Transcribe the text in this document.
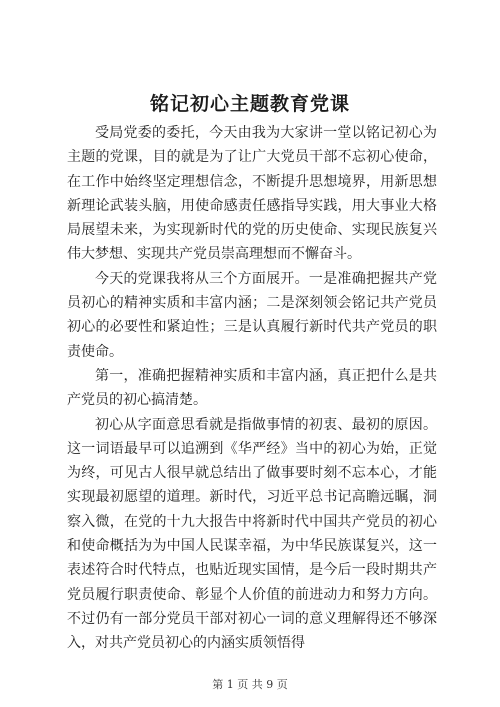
铭记初心主题教育党课

受局党委的委托，今天由我为大家讲一堂以铭记初心为主题的党课，目的就是为了让广大党员干部不忘初心使命，在工作中始终坚定理想信念，不断提升思想境界，用新思想新理论武装头脑，用使命感责任感指导实践，用大事业大格局展望未来，为实现新时代的党的历史使命、实现民族复兴伟大梦想、实现共产党员崇高理想而不懈奋斗。

今天的党课我将从三个方面展开。一是准确把握共产党员初心的精神实质和丰富内涵；二是深刻领会铭记共产党员初心的必要性和紧迫性；三是认真履行新时代共产党员的职责使命。

第一，准确把握精神实质和丰富内涵，真正把什么是共产党员的初心搞清楚。

初心从字面意思看就是指做事情的初衷、最初的原因。这一词语最早可以追溯到《华严经》当中的初心为始，正觉为终，可见古人很早就总结出了做事要时刻不忘本心，才能实现最初愿望的道理。新时代，习近平总书记高瞻远瞩，洞察入微，在党的十九大报告中将新时代中国共产党员的初心和使命概括为为中国人民谋幸福，为中华民族谋复兴，这一表述符合时代特点，也贴近现实国情，是今后一段时期共产党员履行职责使命、彰显个人价值的前进动力和努力方向。不过仍有一部分党员干部对初心一词的意义理解得还不够深入，对共产党员初心的内涵实质领悟得

第 1 页 共 9 页
